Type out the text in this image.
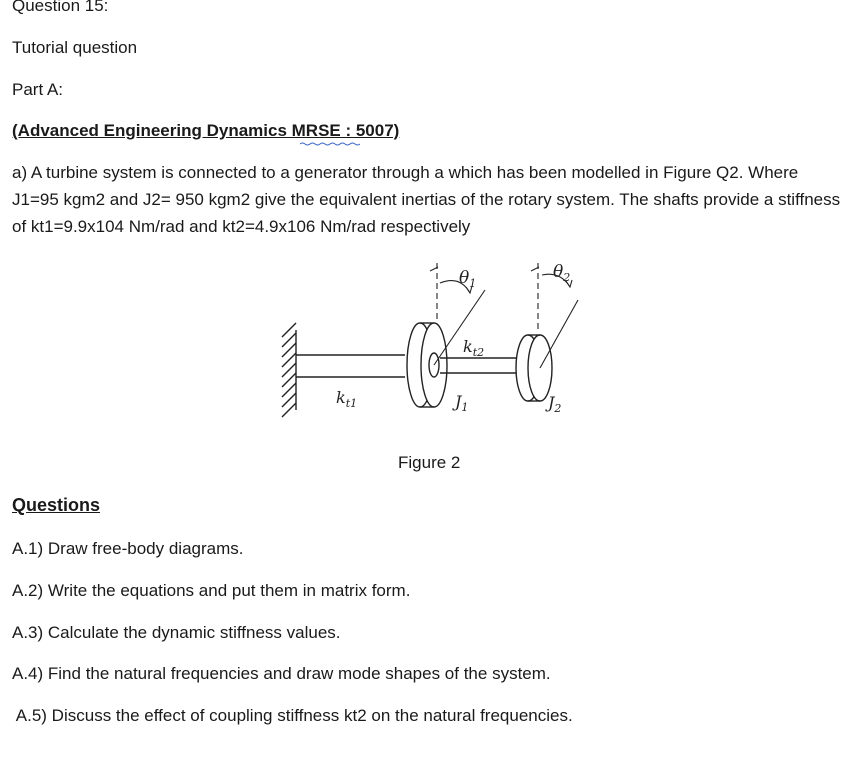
Question 15:
Tutorial question
Part A:
(Advanced Engineering Dynamics MRSE : 5007)
a) A turbine system is connected to a generator through a which has been modelled in Figure Q2. Where J1=95 kgm2 and J2= 950 kgm2 give the equivalent inertias of the rotary system. The shafts provide a stiffness of kt1=9.9x104 Nm/rad and kt2=4.9x106 Nm/rad respectively
$\theta_1$
$\theta_2$
$k_{t2}$
$k_{t1}$	$J_1$	$J_2$
Figure 2
Questions
A.1) Draw free-body diagrams.
A.2) Write the equations and put them in matrix form.
A.3) Calculate the dynamic stiffness values.
A.4) Find the natural frequencies and draw mode shapes of the system.
A.5) Discuss the effect of coupling stiffness kt2 on the natural frequencies.
